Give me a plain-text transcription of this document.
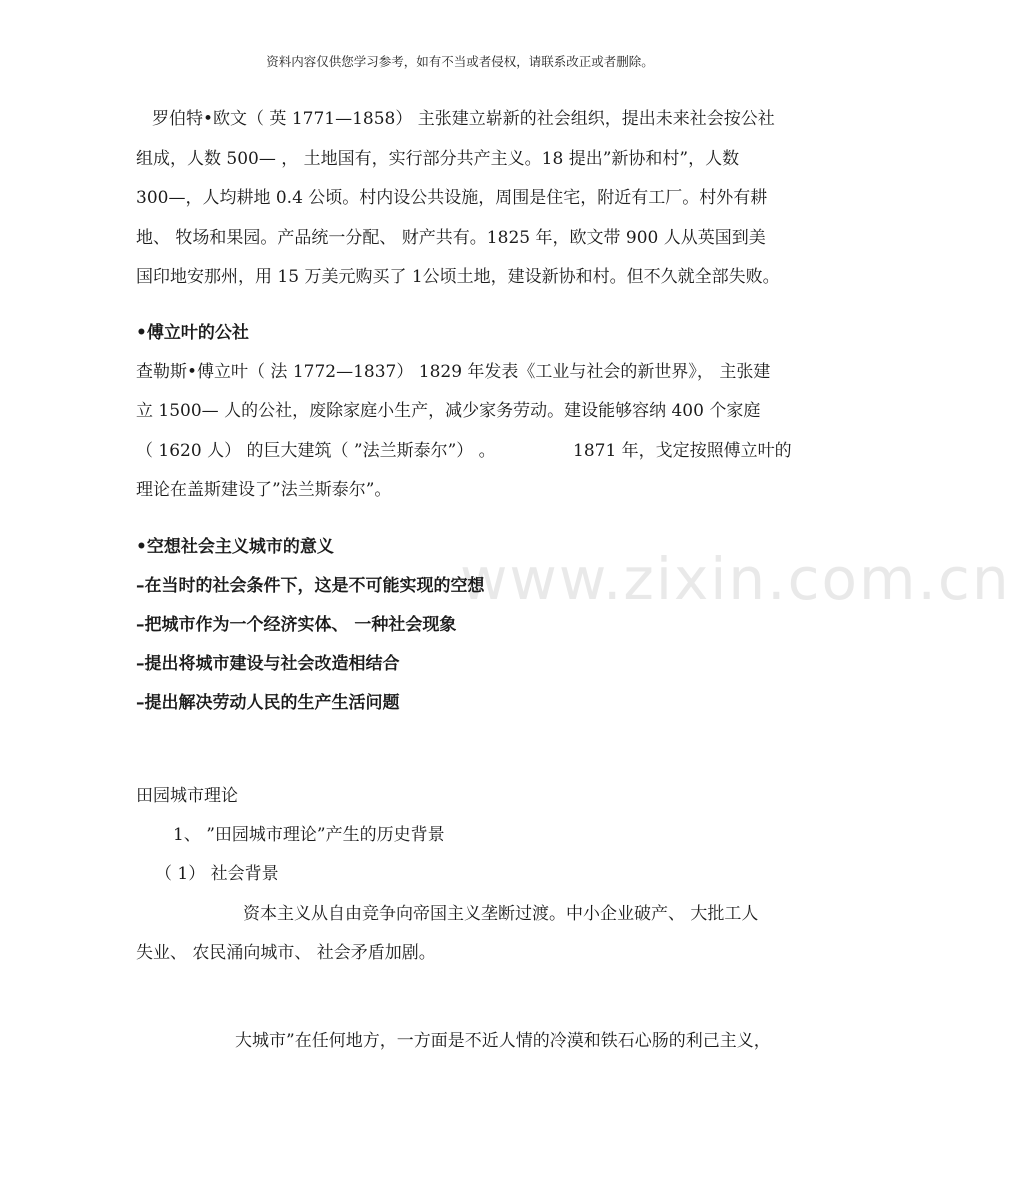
www.zixin.com.cn
资料内容仅供您学习参考，如有不当或者侵权，请联系改正或者删除。
罗伯特•欧文（ 英 1771—1858） 主张建立崭新的社会组织，提出未来社会按公社
组成，人数 500— ， 土地国有，实行部分共产主义。18 提出”新协和村”，人数
300—，人均耕地 0.4 公顷。村内设公共设施，周围是住宅，附近有工厂。村外有耕
地、 牧场和果园。产品统一分配、 财产共有。1825 年，欧文带 900 人从英国到美
国印地安那州，用 15 万美元购买了 1公顷土地，建设新协和村。但不久就全部失败。
•傅立叶的公社
查勒斯•傅立叶（ 法 1772—1837） 1829 年发表《工业与社会的新世界》， 主张建
立 1500— 人的公社，废除家庭小生产，减少家务劳动。建设能够容纳 400 个家庭
（ 1620 人） 的巨大建筑（ ”法兰斯泰尔”） 。	1871 年，戈定按照傅立叶的
理论在盖斯建设了”法兰斯泰尔”。
•空想社会主义城市的意义
–在当时的社会条件下，这是不可能实现的空想
–把城市作为一个经济实体、 一种社会现象
–提出将城市建设与社会改造相结合
–提出解决劳动人民的生产生活问题
田园城市理论
1、 ”田园城市理论”产生的历史背景
（ 1） 社会背景
资本主义从自由竞争向帝国主义垄断过渡。中小企业破产、 大批工人
失业、 农民涌向城市、 社会矛盾加剧。
大城市”在任何地方，一方面是不近人情的冷漠和铁石心肠的利己主义，
